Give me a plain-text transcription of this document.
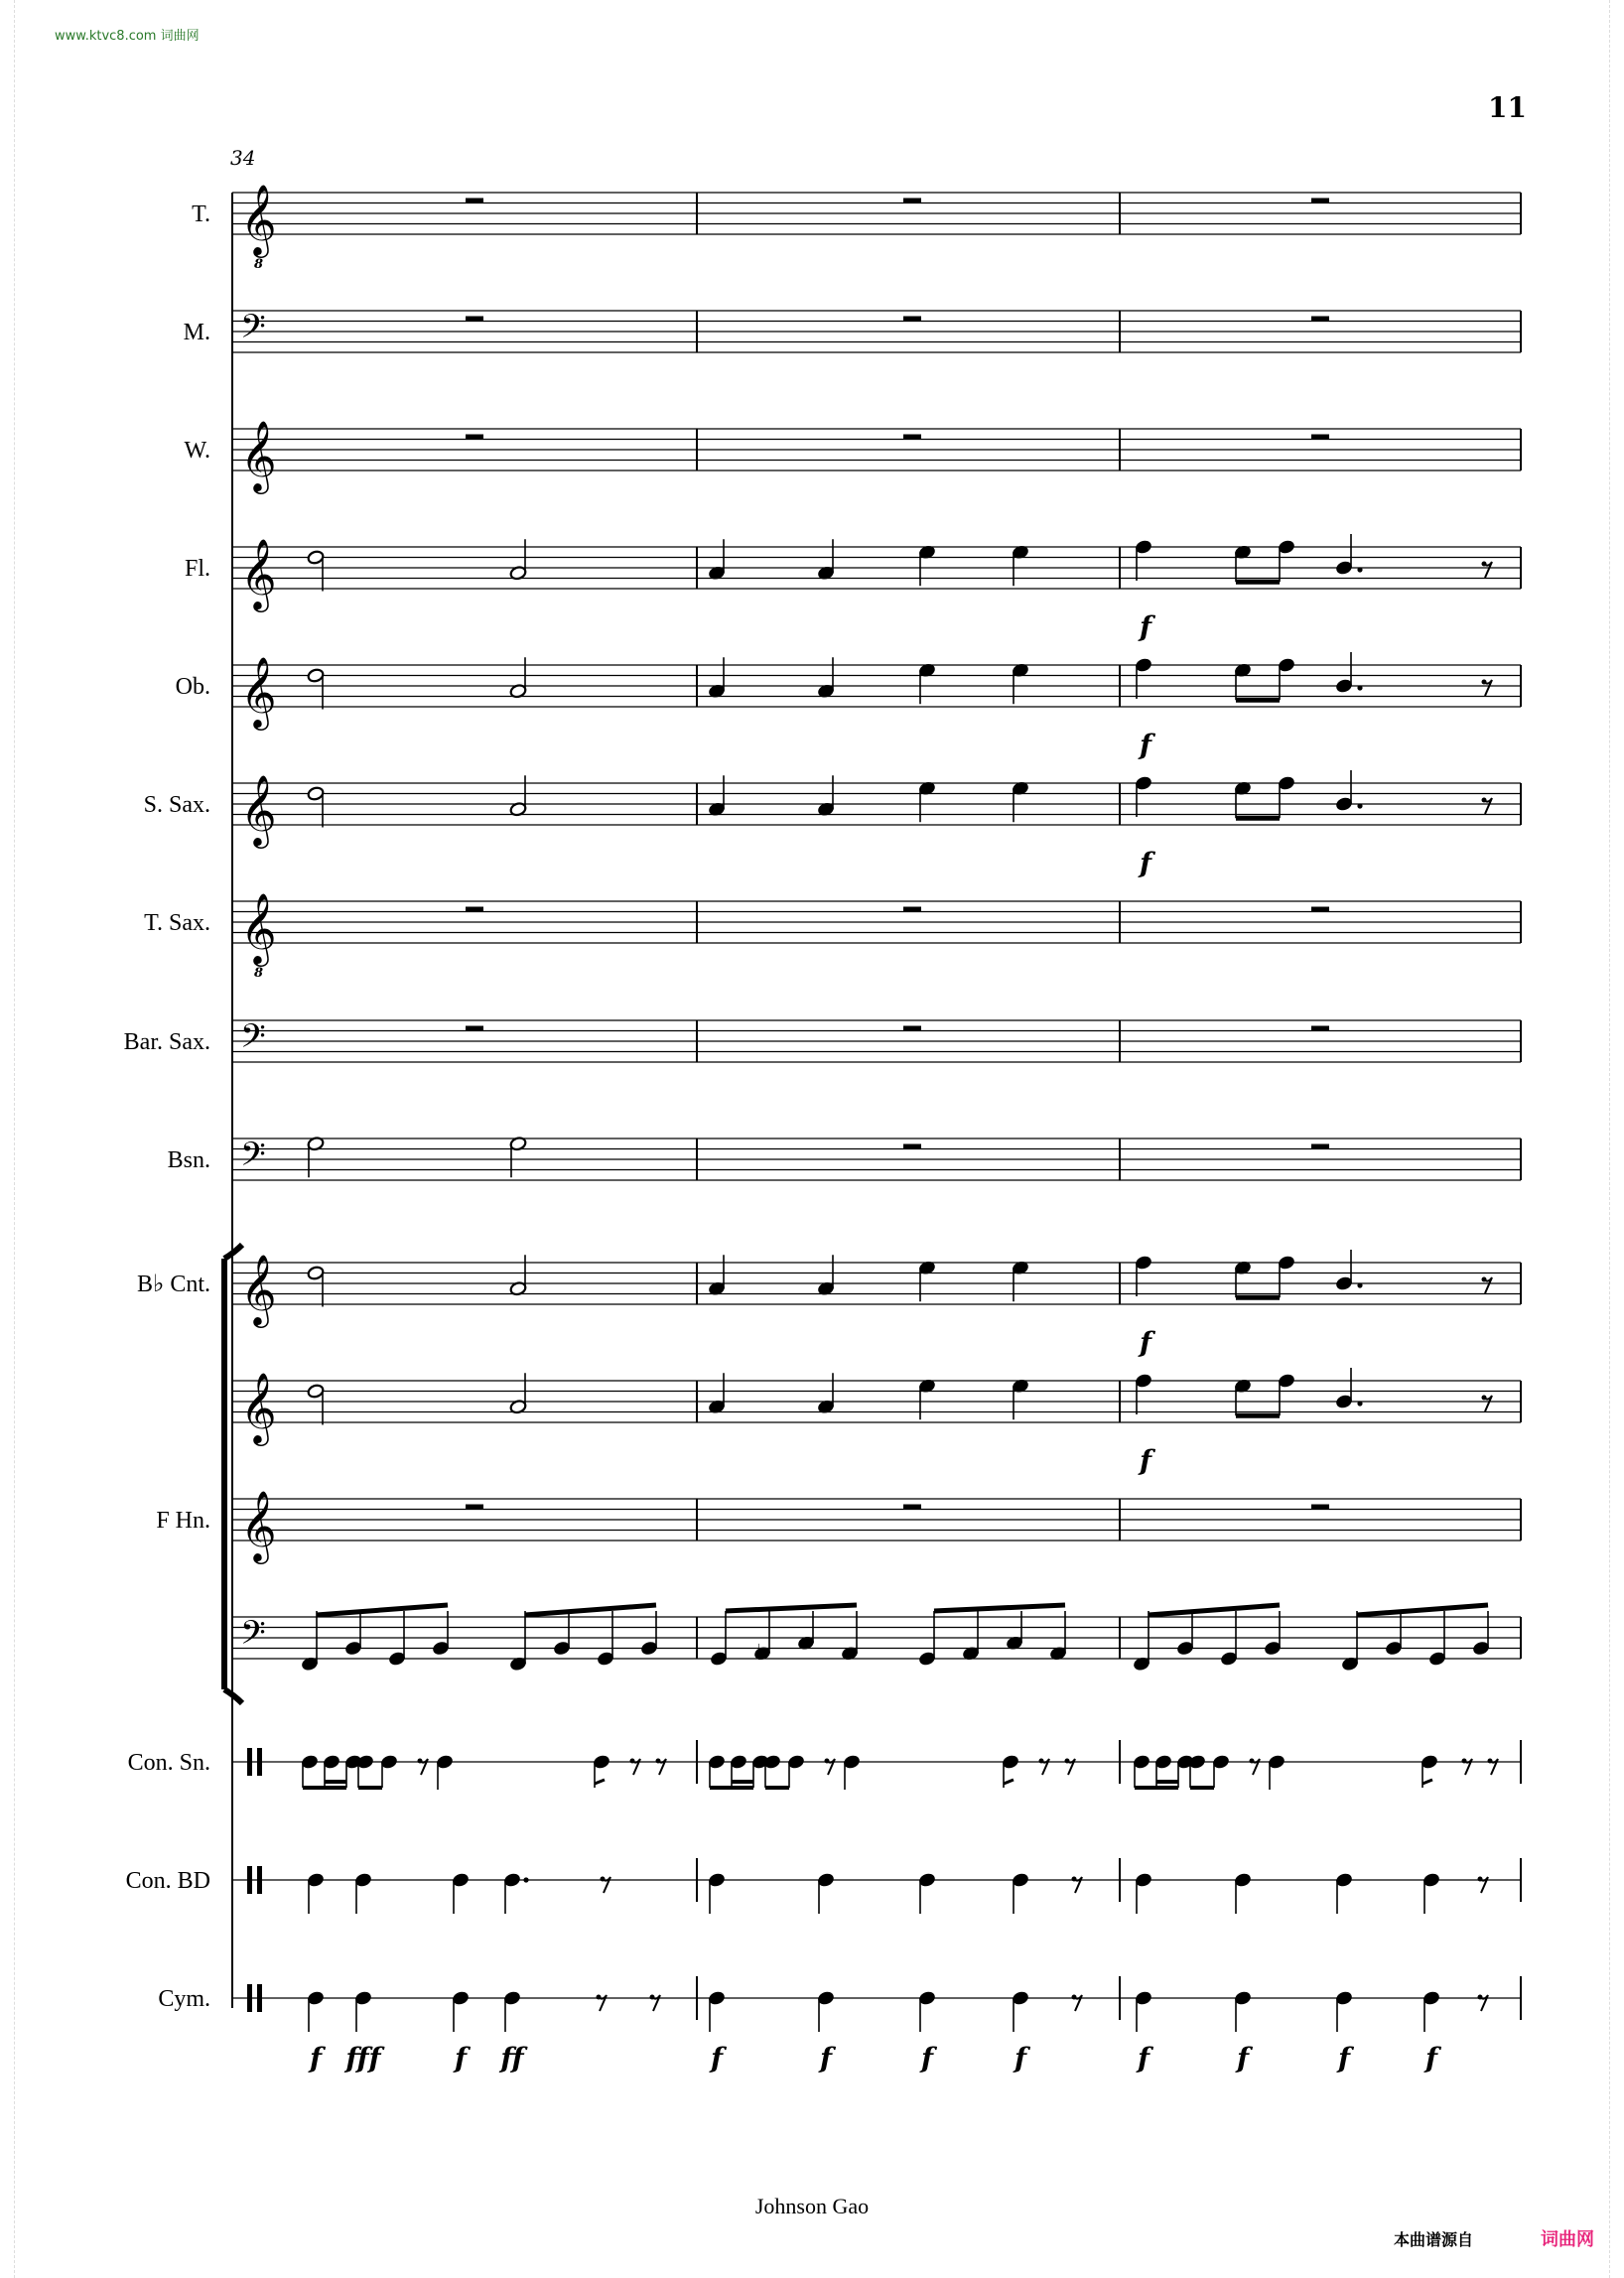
www.ktvc8.com 词曲网
11
34
𝄞
8
T.
𝄢
M.
𝄞
W.
𝄞
Fl.
f
𝄞
Ob.
f
𝄞
S. Sax.
f
𝄞
8
T. Sax.
𝄢
Bar. Sax.
𝄢
Bsn.
𝄞
B♭ Cnt.
f
𝄞
f
𝄞
F Hn.
𝄢	♭
Con. Sn.
Con. BD
Cym.
f fff	f ff	f	f	f	f	f	f	f	f
Johnson Gao
本曲谱源自	词曲网
